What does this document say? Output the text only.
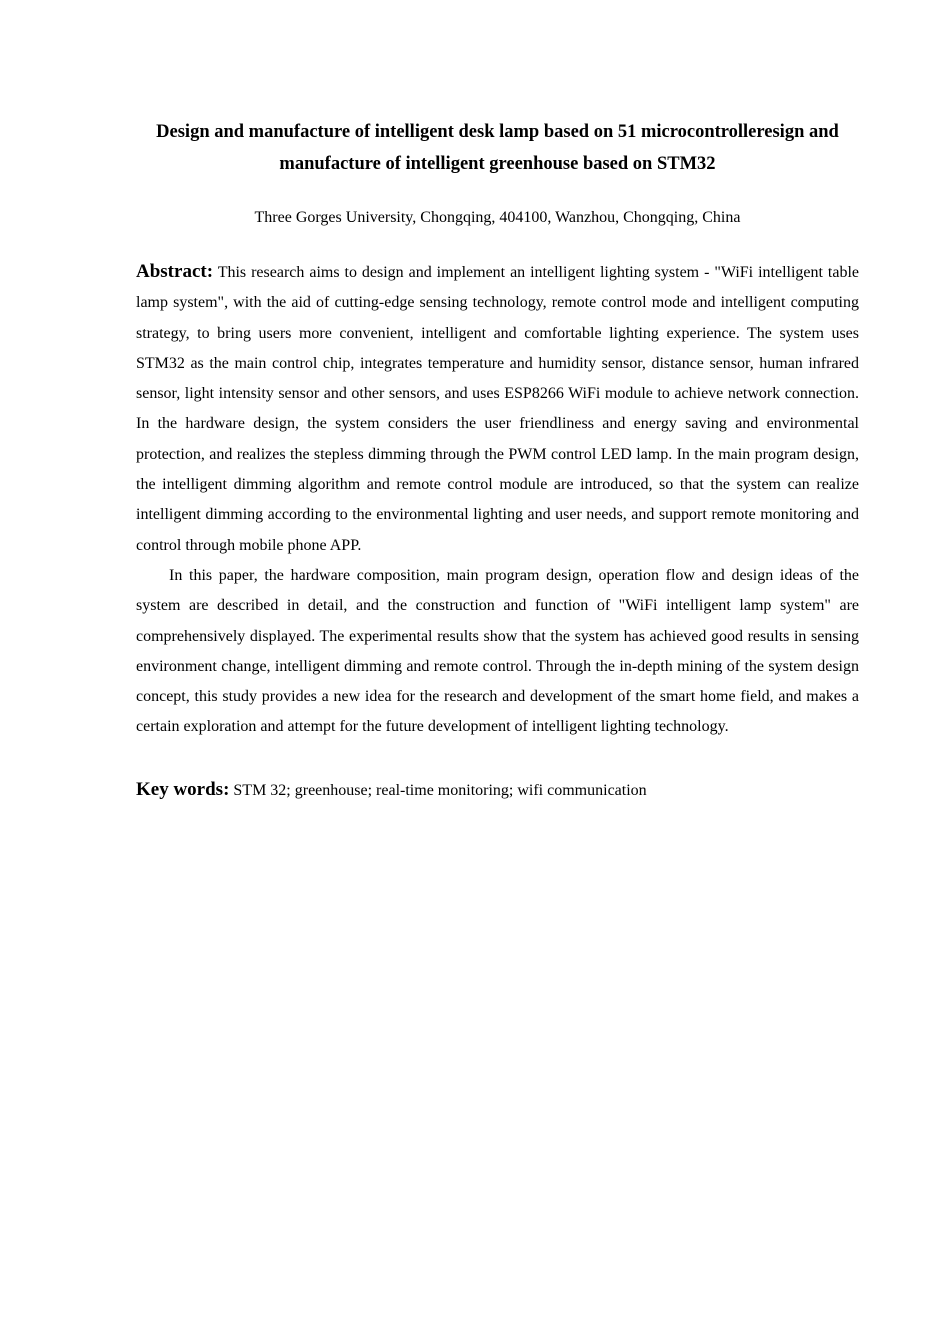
Design and manufacture of intelligent desk lamp based on 51 microcontrolleresign and manufacture of intelligent greenhouse based on STM32
Three Gorges University, Chongqing, 404100, Wanzhou, Chongqing, China

Abstract: This research aims to design and implement an intelligent lighting system - "WiFi intelligent table lamp system", with the aid of cutting-edge sensing technology, remote control mode and intelligent computing strategy, to bring users more convenient, intelligent and comfortable lighting experience. The system uses STM32 as the main control chip, integrates temperature and humidity sensor, distance sensor, human infrared sensor, light intensity sensor and other sensors, and uses ESP8266 WiFi module to achieve network connection. In the hardware design, the system considers the user friendliness and energy saving and environmental protection, and realizes the stepless dimming through the PWM control LED lamp. In the main program design, the intelligent dimming algorithm and remote control module are introduced, so that the system can realize intelligent dimming according to the environmental lighting and user needs, and support remote monitoring and control through mobile phone APP.

In this paper, the hardware composition, main program design, operation flow and design ideas of the system are described in detail, and the construction and function of "WiFi intelligent lamp system" are comprehensively displayed. The experimental results show that the system has achieved good results in sensing environment change, intelligent dimming and remote control. Through the in-depth mining of the system design concept, this study provides a new idea for the research and development of the smart home field, and makes a certain exploration and attempt for the future development of intelligent lighting technology.

Key words: STM 32; greenhouse; real-time monitoring; wifi communication
